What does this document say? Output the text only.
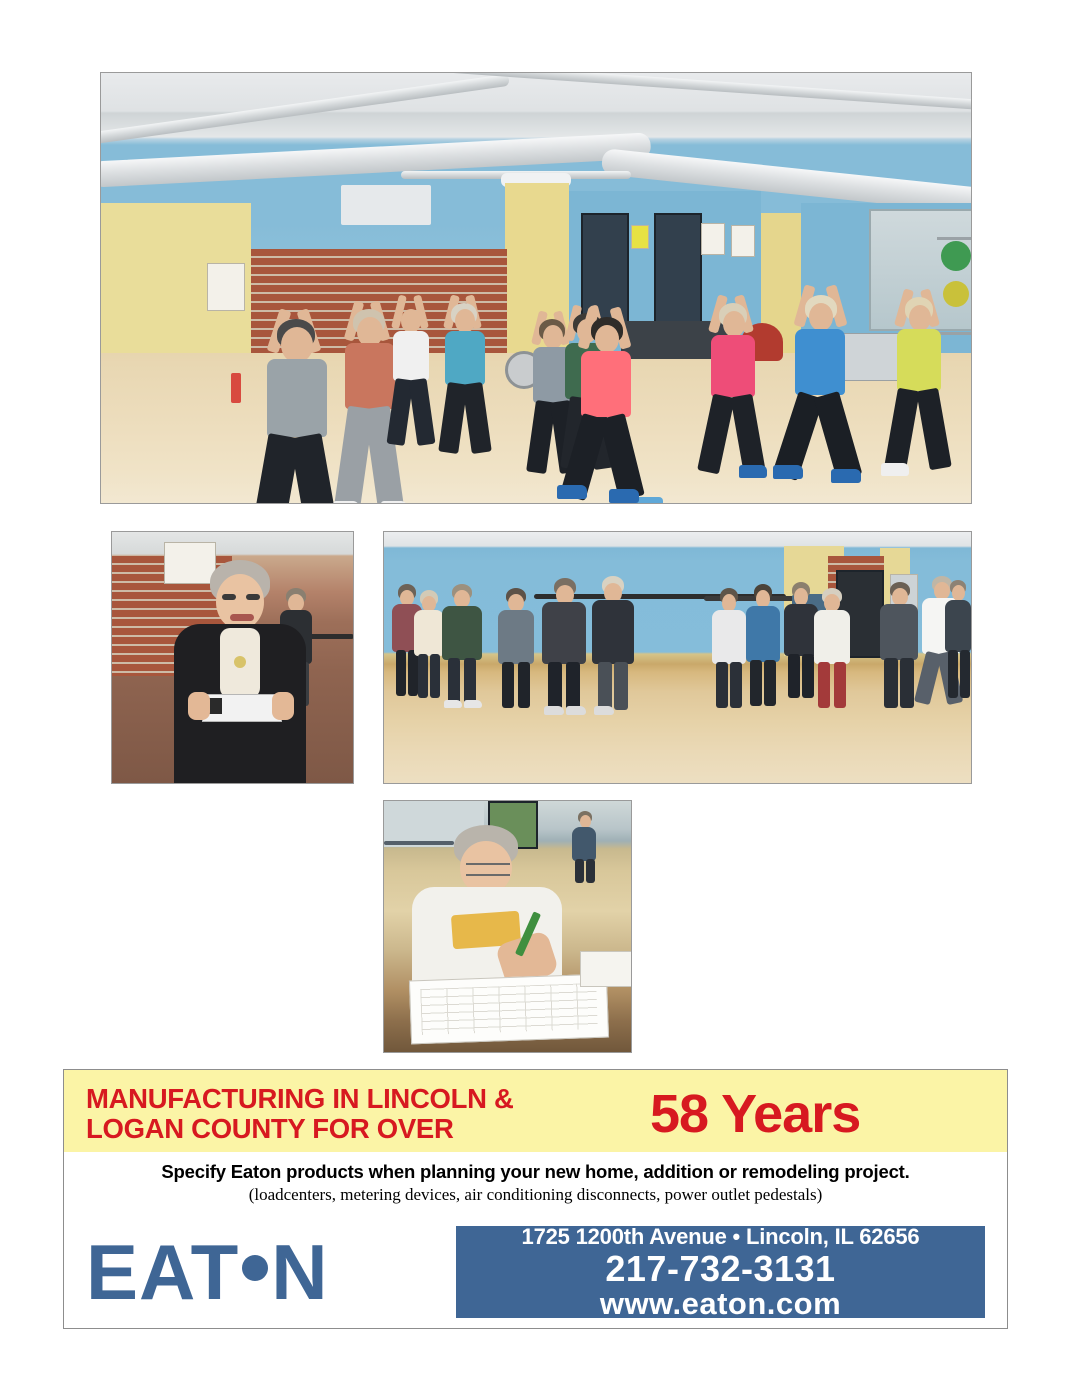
MANUFACTURING IN LINCOLN &
LOGAN COUNTY FOR OVER	58 Years
Specify Eaton products when planning your new home, addition or remodeling project.
(loadcenters, metering devices, air conditioning disconnects, power outlet pedestals)
EAT N	1725 1200th Avenue • Lincoln, IL 62656
217-732-3131
www.eaton.com
